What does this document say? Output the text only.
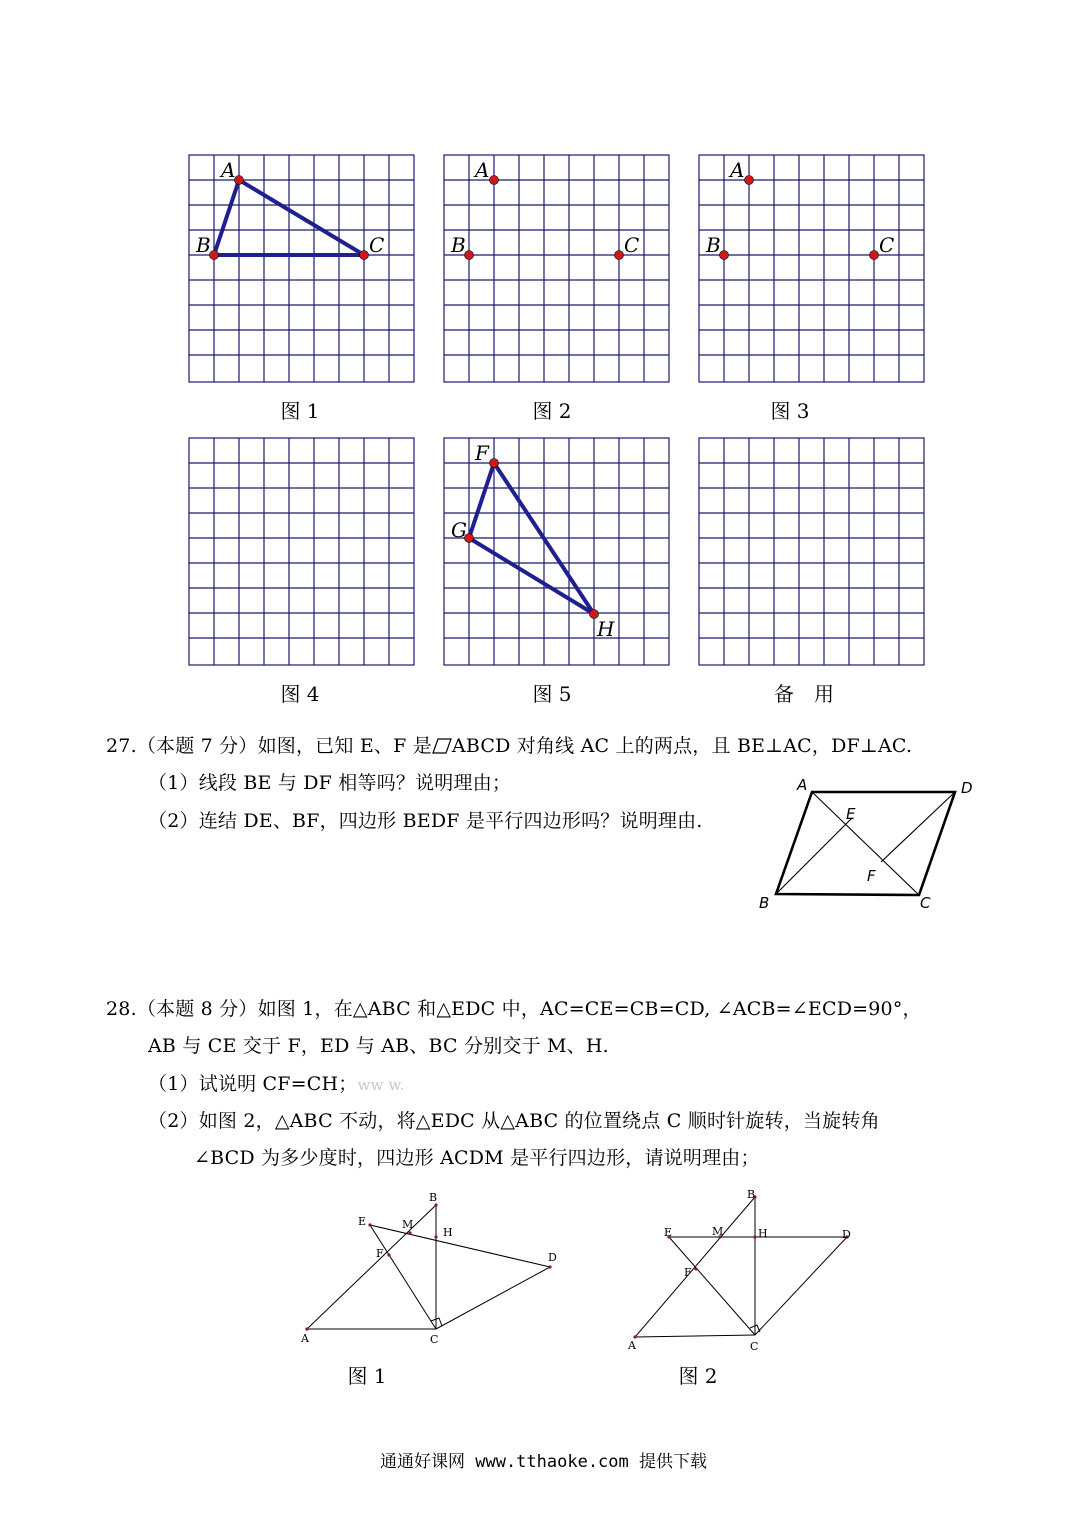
A
B	C
图 1
A
B	C
图 2
A
B	C
图 3
图 4
F
G
H
图 5	备　用
27.（本题 7 分）如图，已知 E、F 是 ABCD 对角线 AC 上的两点，且 BE⊥AC，DF⊥AC.
（1）线段 BE 与 DF 相等吗？说明理由；
（2）连结 DE、BF，四边形 BEDF 是平行四边形吗？说明理由.
A	D
E
F
B	C
28.（本题 8 分）如图 1，在△ABC 和△EDC 中，AC=CE=CB=CD, ∠ACB=∠ECD=90°，
AB 与 CE 交于 F，ED 与 AB、BC 分别交于 M、H.
（1）试说明 CF=CH；ww w.
（2）如图 2，△ABC 不动，将△EDC 从△ABC 的位置绕点 C 顺时针旋转，当旋转角
∠BCD 为多少度时，四边形 ACDM 是平行四边形，请说明理由；
B
E	M
H
F	D
A	C
图 1
B
E	M	H	D
F
A	C
图 2
通通好课网 www.tthaoke.com 提供下载
